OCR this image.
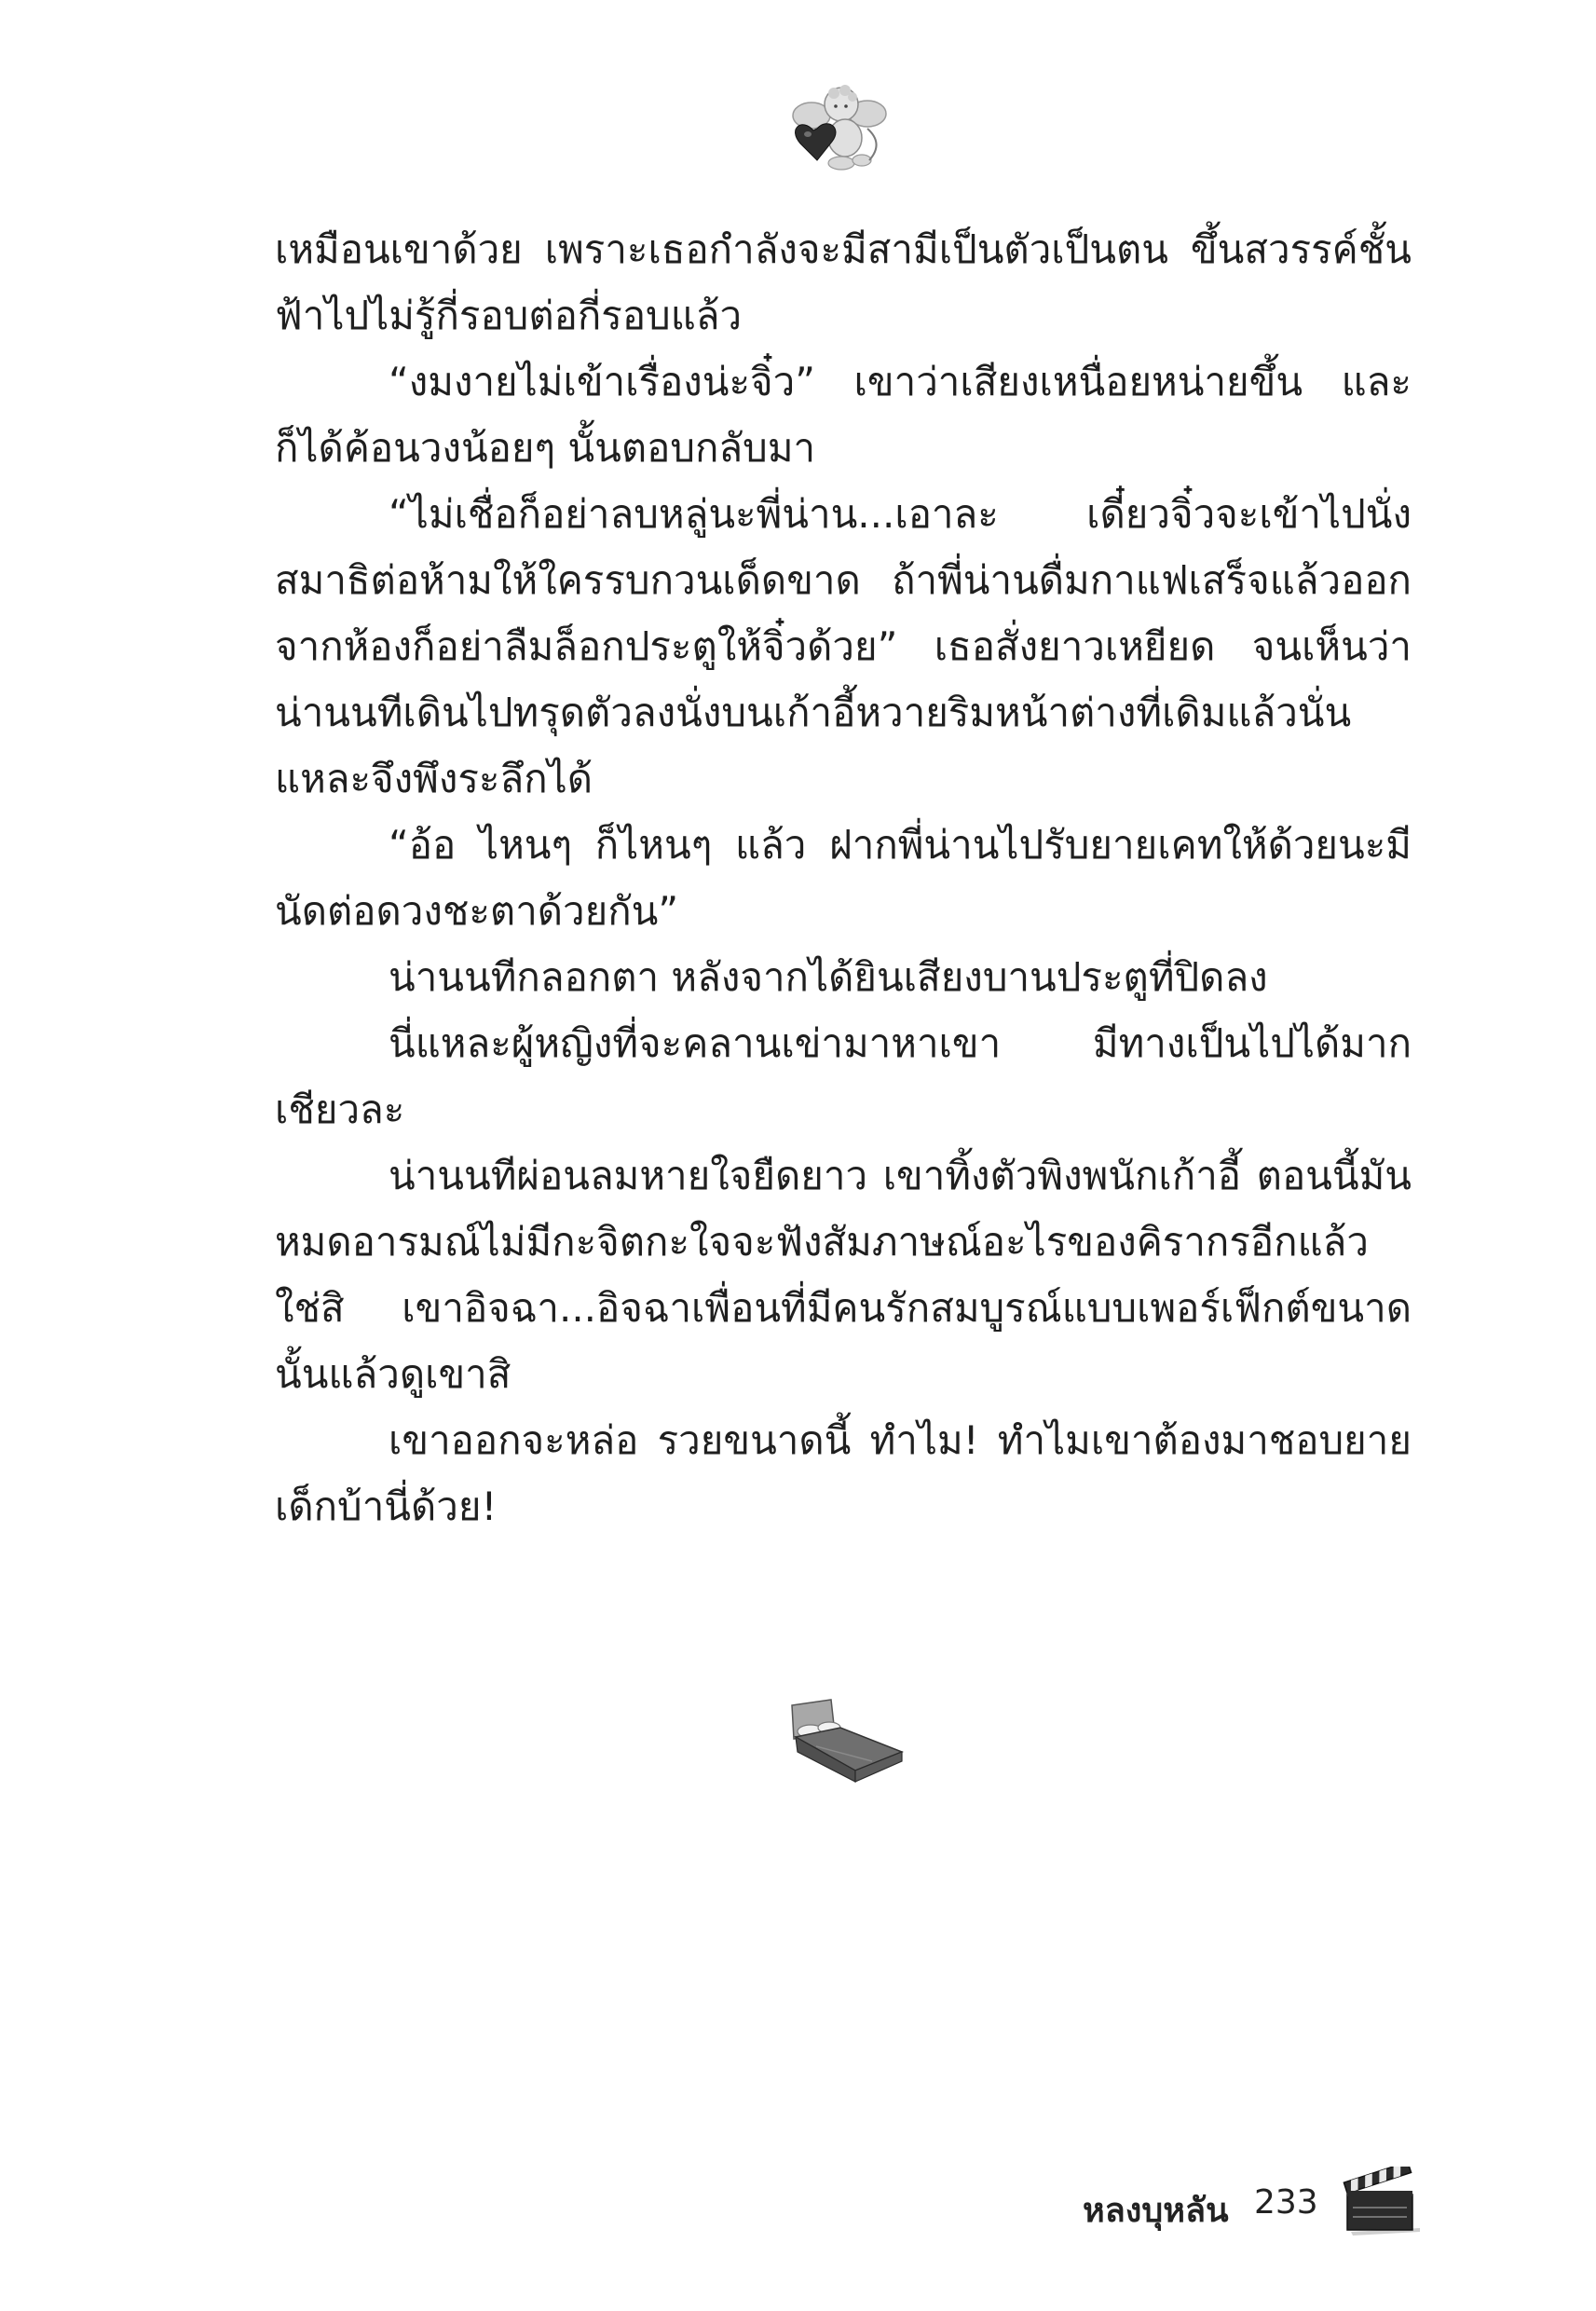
เหมือนเขาด้วย เพราะเธอกำลังจะมีสามีเป็นตัวเป็นตน ขึ้นสวรรค์ชั้นฟ้าไปไม่รู้กี่รอบต่อกี่รอบแล้ว

“งมงายไม่เข้าเรื่องน่ะจิ๋ว” เขาว่าเสียงเหนื่อยหน่ายขึ้น และก็ได้ค้อนวงน้อยๆ นั้นตอบกลับมา

“ไม่เชื่อก็อย่าลบหลู่นะพี่น่าน...เอาละ เดี๋ยวจิ๋วจะเข้าไปนั่งสมาธิต่อห้ามให้ใครรบกวนเด็ดขาด ถ้าพี่น่านดื่มกาแฟเสร็จแล้วออกจากห้องก็อย่าลืมล็อกประตูให้จิ๋วด้วย” เธอสั่งยาวเหยียด จนเห็นว่าน่านนทีเดินไปทรุดตัวลงนั่งบนเก้าอี้หวายริมหน้าต่างที่เดิมแล้วนั่นแหละจึงพึงระลึกได้

“อ้อ ไหนๆ ก็ไหนๆ แล้ว ฝากพี่น่านไปรับยายเคทให้ด้วยนะมีนัดต่อดวงชะตาด้วยกัน”

น่านนทีกลอกตา หลังจากได้ยินเสียงบานประตูที่ปิดลง

นี่แหละผู้หญิงที่จะคลานเข่ามาหาเขา มีทางเป็นไปได้มากเชียวละ

น่านนทีผ่อนลมหายใจยืดยาว เขาทิ้งตัวพิงพนักเก้าอี้ ตอนนี้มันหมดอารมณ์ไม่มีกะจิตกะใจจะฟังสัมภาษณ์อะไรของคิรากรอีกแล้ว ใช่สิ เขาอิจฉา...อิจฉาเพื่อนที่มีคนรักสมบูรณ์แบบเพอร์เฟ็กต์ขนาดนั้นแล้วดูเขาสิ

เขาออกจะหล่อ รวยขนาดนี้ ทำไม! ทำไมเขาต้องมาชอบยายเด็กบ้านี่ด้วย!

หลงบุหลัน 233
